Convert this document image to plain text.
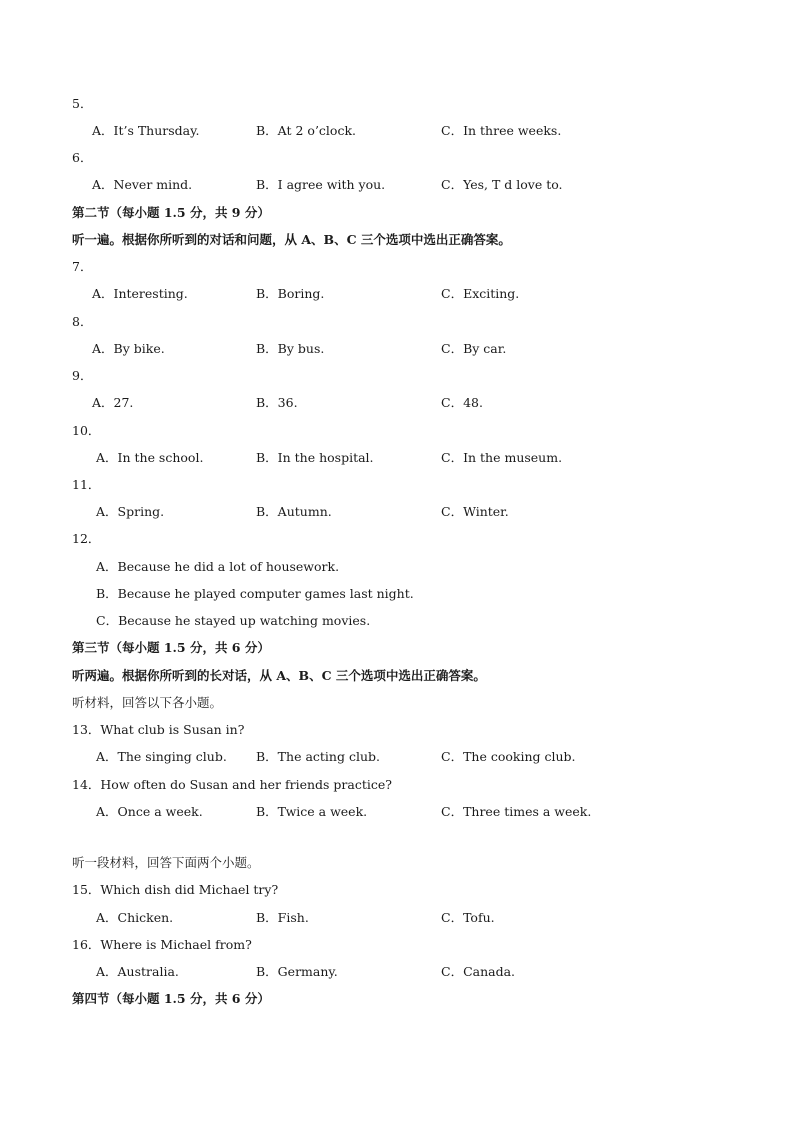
5．
A．It’s Thursday.	B．At 2 o’clock.	C．In three weeks.
6．
A．Never mind.	B．I agree with you.	C．Yes, T d love to.
第二节（每小题 1.5 分，共 9 分）
听一遍。根据你所听到的对话和问题，从 A、B、C 三个选项中选出正确答案。
7．
A．Interesting.	B．Boring.	C．Exciting.
8．
A．By bike.	B．By bus.	C．By car.
9．
A．27.	B．36.	C．48.
10．
A．In the school.	B．In the hospital.	C．In the museum.
11．
A．Spring.	B．Autumn.	C．Winter.
12．
A．Because he did a lot of housework.
B．Because he played computer games last night.
C．Because he stayed up watching movies.
第三节（每小题 1.5 分，共 6 分）
听两遍。根据你所听到的长对话，从 A、B、C 三个选项中选出正确答案。
听材料，回答以下各小题。
13．What club is Susan in?
A．The singing club. B．The acting club.	C．The cooking club.
14．How often do Susan and her friends practice?
A．Once a week.	B．Twice a week.	C．Three times a week.
听一段材料，回答下面两个小题。
15．Which dish did Michael try?
A．Chicken.	B．Fish.	C．Tofu.
16．Where is Michael from?
A．Australia.	B．Germany.	C．Canada.
第四节（每小题 1.5 分，共 6 分）
